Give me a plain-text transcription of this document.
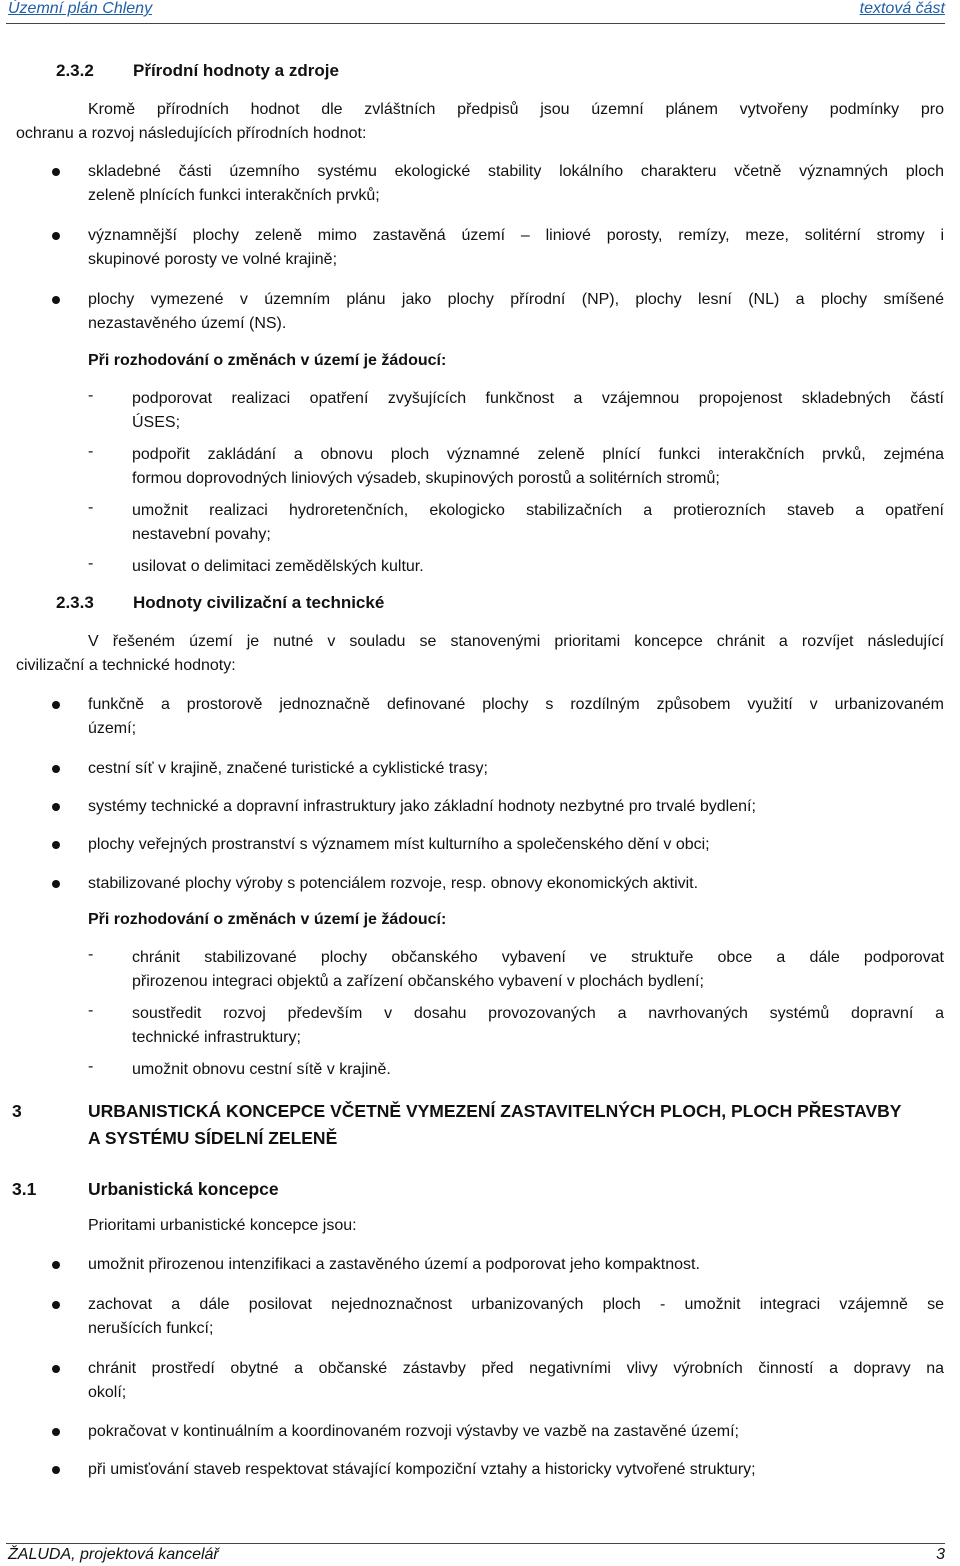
Územní plán Chleny	textová část
2.3.2 Přírodní hodnoty a zdroje
Kromě přírodních hodnot dle zvláštních předpisů jsou územní plánem vytvořeny podmínky pro
ochranu a rozvoj následujících přírodních hodnot:
skladebné části územního systému ekologické stability lokálního charakteru včetně významných ploch
zeleně plnících funkci interakčních prvků;
významnější plochy zeleně mimo zastavěná území – liniové porosty, remízy, meze, solitérní stromy i
skupinové porosty ve volné krajině;
plochy vymezené v územním plánu jako plochy přírodní (NP), plochy lesní (NL) a plochy smíšené
nezastavěného území (NS).
Při rozhodování o změnách v území je žádoucí:
- podporovat realizaci opatření zvyšujících funkčnost a vzájemnou propojenost skladebných částí
ÚSES;
- podpořit zakládání a obnovu ploch významné zeleně plnící funkci interakčních prvků, zejména
formou doprovodných liniových výsadeb, skupinových porostů a solitérních stromů;
- umožnit realizaci hydroretenčních, ekologicko stabilizačních a protierozních staveb a opatření
nestavební povahy;
- usilovat o delimitaci zemědělských kultur.
2.3.3 Hodnoty civilizační a technické
V řešeném území je nutné v souladu se stanovenými prioritami koncepce chránit a rozvíjet následující
civilizační a technické hodnoty:
funkčně a prostorově jednoznačně definované plochy s rozdílným způsobem využití v urbanizovaném
území;
cestní síť v krajině, značené turistické a cyklistické trasy;
systémy technické a dopravní infrastruktury jako základní hodnoty nezbytné pro trvalé bydlení;
plochy veřejných prostranství s významem míst kulturního a společenského dění v obci;
stabilizované plochy výroby s potenciálem rozvoje, resp. obnovy ekonomických aktivit.
Při rozhodování o změnách v území je žádoucí:
- chránit stabilizované plochy občanského vybavení ve struktuře obce a dále podporovat
přirozenou integraci objektů a zařízení občanského vybavení v plochách bydlení;
- soustředit rozvoj především v dosahu provozovaných a navrhovaných systémů dopravní a
technické infrastruktury;
- umožnit obnovu cestní sítě v krajině.
3	URBANISTICKÁ KONCEPCE VČETNĚ VYMEZENÍ ZASTAVITELNÝCH PLOCH, PLOCH PŘESTAVBY
A SYSTÉMU SÍDELNÍ ZELENĚ
3.1	Urbanistická koncepce
Prioritami urbanistické koncepce jsou:
umožnit přirozenou intenzifikaci a zastavěného území a podporovat jeho kompaktnost.
zachovat a dále posilovat nejednoznačnost urbanizovaných ploch - umožnit integraci vzájemně se
nerušících funkcí;
chránit prostředí obytné a občanské zástavby před negativními vlivy výrobních činností a dopravy na
okolí;
pokračovat v kontinuálním a koordinovaném rozvoji výstavby ve vazbě na zastavěné území;
při umisťování staveb respektovat stávající kompoziční vztahy a historicky vytvořené struktury;
ŽALUDA, projektová kancelář	3
